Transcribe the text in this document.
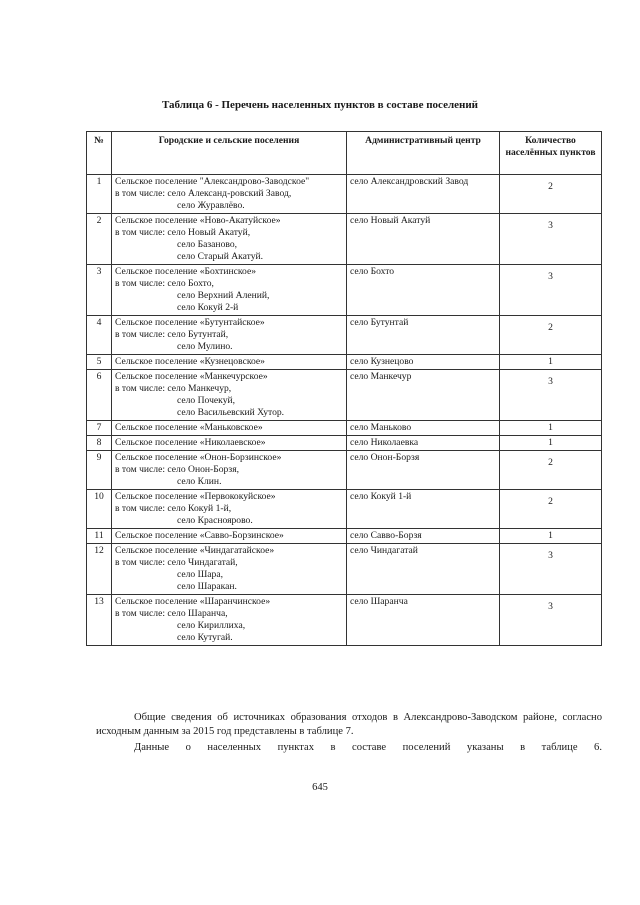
Таблица 6 - Перечень населенных пунктов в составе поселений
№	Городские и сельские поселения	Административный центр	Количество населённых пунктов
1	Сельское поселение "Александрово-Заводское"
в том числе: село Александ-ровский Завод,
село Журавлёво.	село Александровский Завод	2
2	Сельское поселение «Ново-Акатуйское»
в том числе: село Новый Акатуй,
село Базаново,
село Старый Акатуй.	село Новый Акатуй	3
3	Сельское поселение «Бохтинское»
в том числе: село Бохто,
село Верхний Алений,
село Кокуй 2-й	село Бохто	3
4	Сельское поселение «Бутунтайское»
в том числе: село Бутунтай,
село Мулино.	село Бутунтай	2
5	Сельское поселение «Кузнецовское»	село Кузнецово	1
6	Сельское поселение «Манкечурское»
в том числе: село Манкечур,
село Почекуй,
село Васильевский Хутор.	село Манкечур	3
7	Сельское поселение «Маньковское»	село Маньково	1
8	Сельское поселение «Николаевское»	село Николаевка	1
9	Сельское поселение «Онон-Борзинское»
в том числе: село Онон-Борзя,
село Клин.	село Онон-Борзя	2
10	Сельское поселение «Первококуйское»
в том числе: село Кокуй 1-й,
село Красноярово.	село Кокуй 1-й	2
11	Сельское поселение «Савво-Борзинское»	село Савво-Борзя	1
12	Сельское поселение «Чиндагатайское»
в том числе: село Чиндагатай,
село Шара,
село Шаракан.	село Чиндагатай	3
13	Сельское поселение «Шаранчинское»
в том числе: село Шаранча,
село Кириллиха,
село Кутугай.	село Шаранча	3
Общие сведения об источниках образования отходов в Александрово-Заводском районе, согласно исходным данным за 2015 год представлены в таблице 7.
Данные о населенных пунктах в составе поселений указаны в таблице 6.
645
